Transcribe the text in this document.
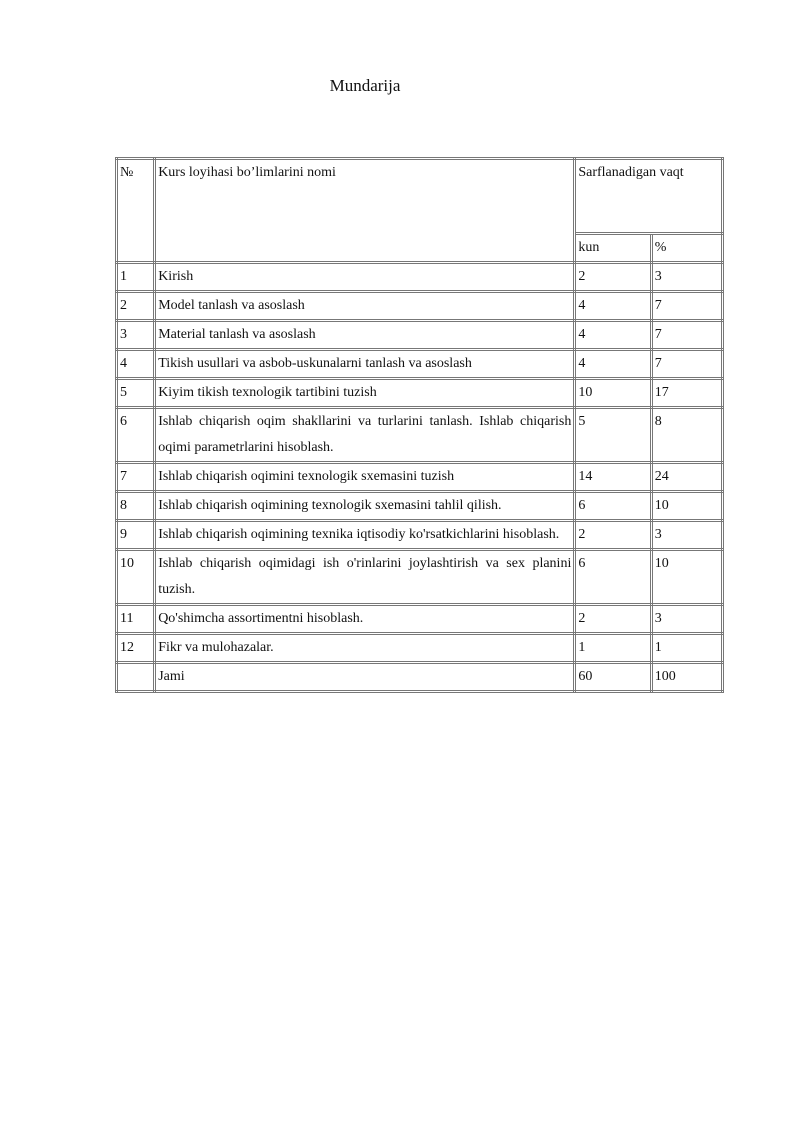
Mundarija
№	Kurs loyihasi boʼlimlarini nomi	Sarflanadigan vaqt	
		kun	%
1	Kirish	2	3
2	Model tanlash va asoslash	4	7
3	Material tanlash va asoslash	4	7
4	Tikish usullari va asbob-uskunalarni tanlash va asoslash	4	7
5	Kiyim tikish texnologik tartibini tuzish	10	17
6	Ishlab chiqarish oqim shakllarini va turlarini tanlash. Ishlab chiqarish oqimi parametrlarini hisoblash.	5	8
7	Ishlab chiqarish oqimini texnologik sxemasini tuzish	14	24
8	Ishlab chiqarish oqimining texnologik sxemasini tahlil qilish.	6	10
9	Ishlab chiqarish oqimining texnika iqtisodiy ko'rsatkichlarini hisoblash.	2	3
10	Ishlab chiqarish oqimidagi ish o'rinlarini joylashtirish va sex planini tuzish.	6	10
11	Qo'shimcha assortimentni hisoblash.	2	3
12	Fikr va mulohazalar.	1	1
	Jami	60	100
